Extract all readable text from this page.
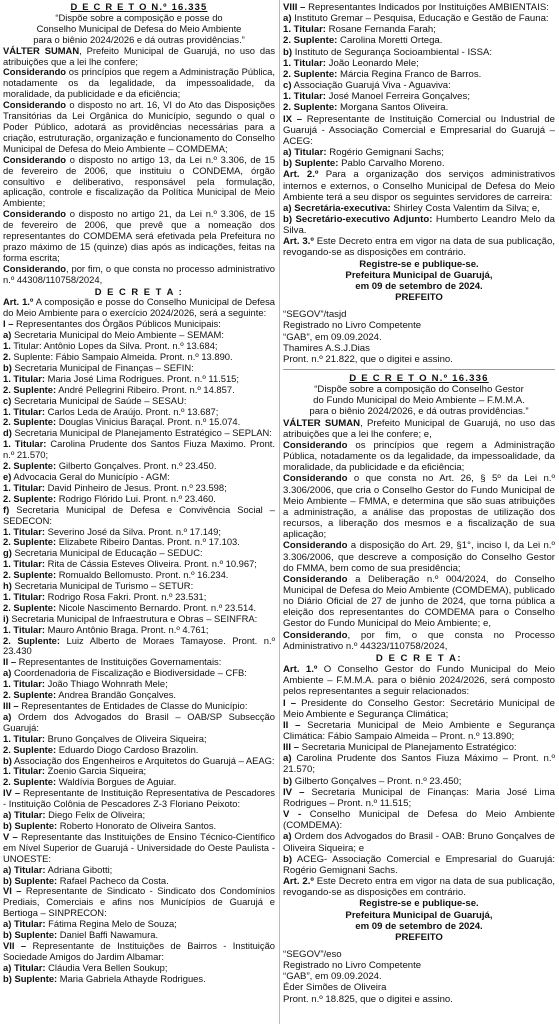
D E C R E T O N.º 16.335

“Dispõe sobre a composição e posse do

Conselho Municipal de Defesa do Meio Ambiente

para o biênio 2024/2026 e dá outras providências.”

VÁLTER SUMAN, Prefeito Municipal de Guarujá, no uso das atribuições que a lei lhe confere;

Considerando os princípios que regem a Administração Pública, notadamente os da legalidade, da impessoalidade, da moralidade, da publicidade e da eficiência;

Considerando o disposto no art. 16, VI do Ato das Disposições Transitórias da Lei Orgânica do Município, segundo o qual o Poder Público, adotará as providências necessárias para a criação, estruturação, organização e funcionamento do Conselho Municipal de Defesa do Meio Ambiente – COMDEMA;

Considerando o disposto no artigo 13, da Lei n.º 3.306, de 15 de fevereiro de 2006, que instituiu o CONDEMA, órgão consultivo e deliberativo, responsável pela formulação, aplicação, controle e fiscalização da Política Municipal de Meio Ambiente;

Considerando o disposto no artigo 21, da Lei n.º 3.306, de 15 de fevereiro de 2006, que prevê que a nomeação dos representantes do COMDEMA será efetivada pela Prefeitura no prazo máximo de 15 (quinze) dias após as indicações, feitas na forma escrita;

Considerando, por fim, o que consta no processo administrativo n.º 44308/110758/2024,

D E C R E T A :

Art. 1.º A composição e posse do Conselho Municipal de Defesa do Meio Ambiente para o exercício 2024/2026, será a seguinte:

I – Representantes dos Órgãos Públicos Municipais:

a) Secretaria Municipal do Meio Ambiente – SEMAM:

1. Titular: Antônio Lopes da Silva. Pront. n.º 13.684;

2. Suplente: Fábio Sampaio Almeida. Pront. n.º 13.890.

b) Secretaria Municipal de Finanças – SEFIN:

1. Titular: Maria José Lima Rodrigues. Pront. n.º 11.515;

2. Suplente: André Pellegrini Ribeiro. Pront. n.º 14.857.

c) Secretaria Municipal de Saúde – SESAU:

1. Titular: Carlos Leda de Araújo. Pront. n.º 13.687;

2. Suplente: Douglas Vinicius Baraçal. Pront. n.º 15.074.

d) Secretaria Municipal de Planejamento Estratégico – SEPLAN:

1. Titular: Carolina Prudente dos Santos Fiuza Maximo. Pront. n.º 21.570;

2. Suplente: Gilberto Gonçalves. Pront. n.º 23.450.

e) Advocacia Geral do Município - AGM:

1. Titular: David Pinheiro de Jesus. Pront. n.º 23.598;

2. Suplente: Rodrigo Flórido Lui. Pront. n.º 23.460.

f) Secretaria Municipal de Defesa e Convivência Social – SEDECON:

1. Titular: Severino José da Silva. Pront. n.º 17.149;

2. Suplente: Elizabete Ribeiro Dantas. Pront. n.º 17.103.

g) Secretaria Municipal de Educação – SEDUC:

1. Titular: Rita de Cássia Esteves Oliveira. Pront. n.º 10.967;

2. Suplente: Romualdo Bellomusto. Pront. n.º 16.234.

h) Secretaria Municipal de Turismo – SETUR:

1. Titular: Rodrigo Rosa Fakri. Pront. n.º 23.531;

2. Suplente: Nicole Nascimento Bernardo. Pront. n.º 23.514.

i) Secretaria Municipal de Infraestrutura e Obras – SEINFRA:

1. Titular: Mauro Antônio Braga. Pront. n.º 4.761;

2. Suplente: Luiz Alberto de Moraes Tamayose. Pront. n.º 23.430

II – Representantes de Instituições Governamentais:

a) Coordenadoria de Fiscalização e Biodiversidade – CFB:

1. Titular: João Thiago Wohnrath Mele;

2. Suplente: Andrea Brandão Gonçalves.

III – Representantes de Entidades de Classe do Município:

a) Ordem dos Advogados do Brasil – OAB/SP Subsecção Guarujá:

1. Titular: Bruno Gonçalves de Oliveira Siqueira;

2. Suplente: Eduardo Diogo Cardoso Brazolin.

b) Associação dos Engenheiros e Arquitetos do Guarujá – AEAG:

1. Titular: Zoenio Garcia Siqueira;

2. Suplente: Waldívia Borgues de Aguiar.

IV – Representante de Instituição Representativa de Pescadores - Instituição Colônia de Pescadores Z-3 Floriano Peixoto:

a) Titular: Diego Felix de Oliveira;

b) Suplente: Roberto Honorato de Oliveira Santos.

V – Representante das Instituições de Ensino Técnico-Científico em Nível Superior de Guarujá - Universidade do Oeste Paulista - UNOESTE:

a) Titular: Adriana Gibotti;

b) Suplente: Rafael Pacheco da Costa.

VI – Representante de Sindicato - Sindicato dos Condomínios Prediais, Comerciais e afins nos Municípios de Guarujá e Bertioga – SINPRECON:

a) Titular: Fátima Regina Melo de Souza;

b) Suplente: Daniel Baffi Nawamura.

VII – Representante de Instituições de Bairros - Instituição Sociedade Amigos do Jardim Albamar:

a) Titular: Cláudia Vera Bellen Soukup;

b) Suplente: Maria Gabriela Athayde Rodrigues.

VIII – Representantes Indicados por Instituições AMBIENTAIS:

a) Instituto Gremar – Pesquisa, Educação e Gestão de Fauna:

1. Titular: Rosane Fernanda Farah;

2. Suplente: Carolina Moretti Ortega.

b) Instituto de Segurança Socioambiental - ISSA:

1. Titular: João Leonardo Mele;

2. Suplente: Márcia Regina Franco de Barros.

c) Associação Guarujá Viva - Aguaviva:

1. Titular: José Manoel Ferreira Gonçalves;

2. Suplente: Morgana Santos Oliveira.

IX – Representante de Instituição Comercial ou Industrial de Guarujá - Associação Comercial e Empresarial do Guarujá – ACEG:

a) Titular: Rogério Gemignani Sachs;

b) Suplente: Pablo Carvalho Moreno.

Art. 2.º Para a organização dos serviços administrativos internos e externos, o Conselho Municipal de Defesa do Meio Ambiente terá a seu dispor os seguintes servidores de carreira:

a) Secretária-executiva: Shirley Costa Valentim da Silva; e,

b) Secretário-executivo Adjunto: Humberto Leandro Melo da Silva.

Art. 3.º Este Decreto entra em vigor na data de sua publicação, revogando-se as disposições em contrário.

Registre-se e publique-se.

Prefeitura Municipal de Guarujá,

em 09 de setembro de 2024.

PREFEITO

“SEGOV”/tasjd

Registrado no Livro Competente

“GAB”, em 09.09.2024.

Thamires A.S.J.Dias

Pront. n.º 21.822, que o digitei e assino.

D E C R E T O N.º 16.336

“Dispõe sobre a composição do Conselho Gestor

do Fundo Municipal do Meio Ambiente – F.M.M.A.

para o biênio 2024/2026, e dá outras providências.”

VÁLTER SUMAN, Prefeito Municipal de Guarujá, no uso das atribuições que a lei lhe confere; e,

Considerando os princípios que regem a Administração Pública, notadamente os da legalidade, da impessoalidade, da moralidade, da publicidade e da eficiência;

Considerando o que consta no Art. 26, § 5º da Lei n.º 3.306/2006, que cria o Conselho Gestor do Fundo Municipal de Meio Ambiente – FMMA, e determina que são suas atribuições a administração, a análise das propostas de utilização dos recursos, a liberação dos mesmos e a fiscalização de sua aplicação;

Considerando a disposição do Art. 29, §1°, inciso I, da Lei n.º 3.306/2006, que descreve a composição do Conselho Gestor do FMMA, bem como de sua presidência;

Considerando a Deliberação n.º 004/2024, do Conselho Municipal de Defesa do Meio Ambiente (COMDEMA), publicado no Diário Oficial de 27 de junho de 2024, que torna pública a eleição dos representantes do COMDEMA para o Conselho Gestor do Fundo Municipal do Meio Ambiente; e,

Considerando, por fim, o que consta no Processo Administrativo n.º 44323/110758/2024,

D E C R E T A:

Art. 1.º O Conselho Gestor do Fundo Municipal do Meio Ambiente – F.M.M.A. para o biênio 2024/2026, será composto pelos representantes a seguir relacionados:

I – Presidente do Conselho Gestor: Secretário Municipal de Meio Ambiente e Segurança Climática;

II – Secretaria Municipal de Meio Ambiente e Segurança Climática: Fábio Sampaio Almeida – Pront. n.º 13.890;

III – Secretaria Municipal de Planejamento Estratégico:

a) Carolina Prudente dos Santos Fiuza Máximo – Pront. n.º 21.570;

b) Gilberto Gonçalves – Pront. n.º 23.450;

IV – Secretaria Municipal de Finanças: Maria José Lima Rodrigues – Pront. n.º 11.515;

V - Conselho Municipal de Defesa do Meio Ambiente (COMDEMA):

a) Ordem dos Advogados do Brasil - OAB: Bruno Gonçalves de Oliveira Siqueira; e

b) ACEG- Associação Comercial e Empresarial do Guarujá: Rogério Gemignani Sachs.

Art. 2.º Este Decreto entra em vigor na data de sua publicação, revogando-se as disposições em contrário.

Registre-se e publique-se.

Prefeitura Municipal de Guarujá,

em 09 de setembro de 2024.

PREFEITO

“SEGOV”/eso

Registrado no Livro Competente

“GAB”, em 09.09.2024.

Éder Simões de Oliveira

Pront. n.º 18.825, que o digitei e assino.
